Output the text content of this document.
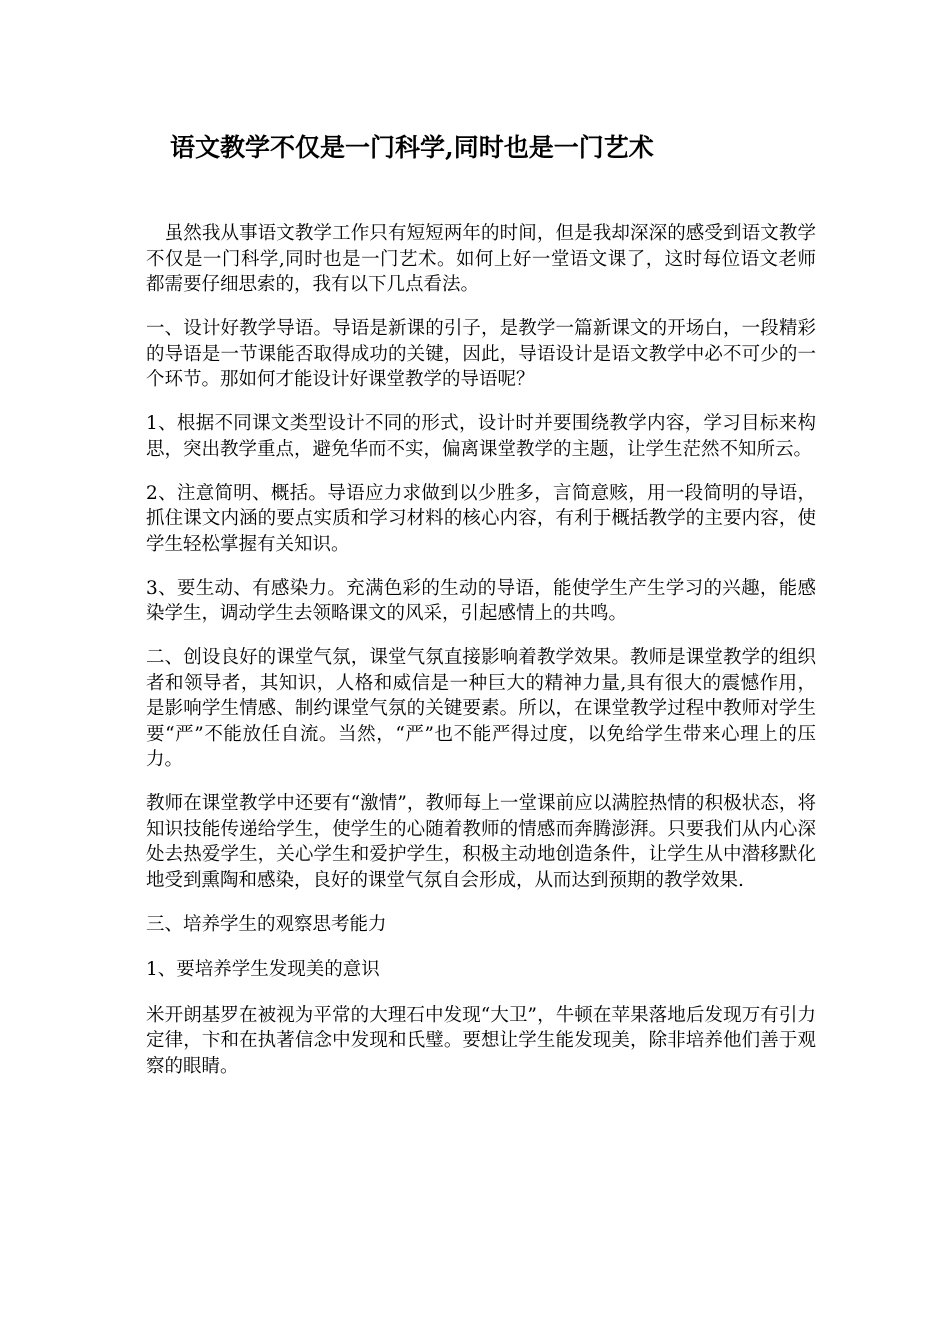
语文教学不仅是一门科学,同时也是一门艺术

　虽然我从事语文教学工作只有短短两年的时间，但是我却深深的感受到语文教学不仅是一门科学,同时也是一门艺术。如何上好一堂语文课了，这时每位语文老师都需要仔细思索的，我有以下几点看法。

一、设计好教学导语。导语是新课的引子，是教学一篇新课文的开场白，一段精彩的导语是一节课能否取得成功的关键，因此，导语设计是语文教学中必不可少的一个环节。那如何才能设计好课堂教学的导语呢？

1、根据不同课文类型设计不同的形式，设计时并要围绕教学内容，学习目标来构思，突出教学重点，避免华而不实，偏离课堂教学的主题，让学生茫然不知所云。

2、注意简明、概括。导语应力求做到以少胜多，言简意赅，用一段简明的导语，抓住课文内涵的要点实质和学习材料的核心内容，有利于概括教学的主要内容，使学生轻松掌握有关知识。

3、要生动、有感染力。充满色彩的生动的导语，能使学生产生学习的兴趣，能感染学生，调动学生去领略课文的风采，引起感情上的共鸣。

二、创设良好的课堂气氛，课堂气氛直接影响着教学效果。教师是课堂教学的组织者和领导者，其知识，人格和威信是一种巨大的精神力量,具有很大的震憾作用，是影响学生情感、制约课堂气氛的关键要素。所以，在课堂教学过程中教师对学生要“严”不能放任自流。当然，“严”也不能严得过度，以免给学生带来心理上的压力。

教师在课堂教学中还要有“激情”，教师每上一堂课前应以满腔热情的积极状态，将知识技能传递给学生，使学生的心随着教师的情感而奔腾澎湃。只要我们从内心深处去热爱学生，关心学生和爱护学生，积极主动地创造条件，让学生从中潜移默化地受到熏陶和感染，良好的课堂气氛自会形成，从而达到预期的教学效果.

三、培养学生的观察思考能力

1、要培养学生发现美的意识

米开朗基罗在被视为平常的大理石中发现“大卫”，牛顿在苹果落地后发现万有引力定律，卞和在执著信念中发现和氏璧。要想让学生能发现美，除非培养他们善于观察的眼睛。
